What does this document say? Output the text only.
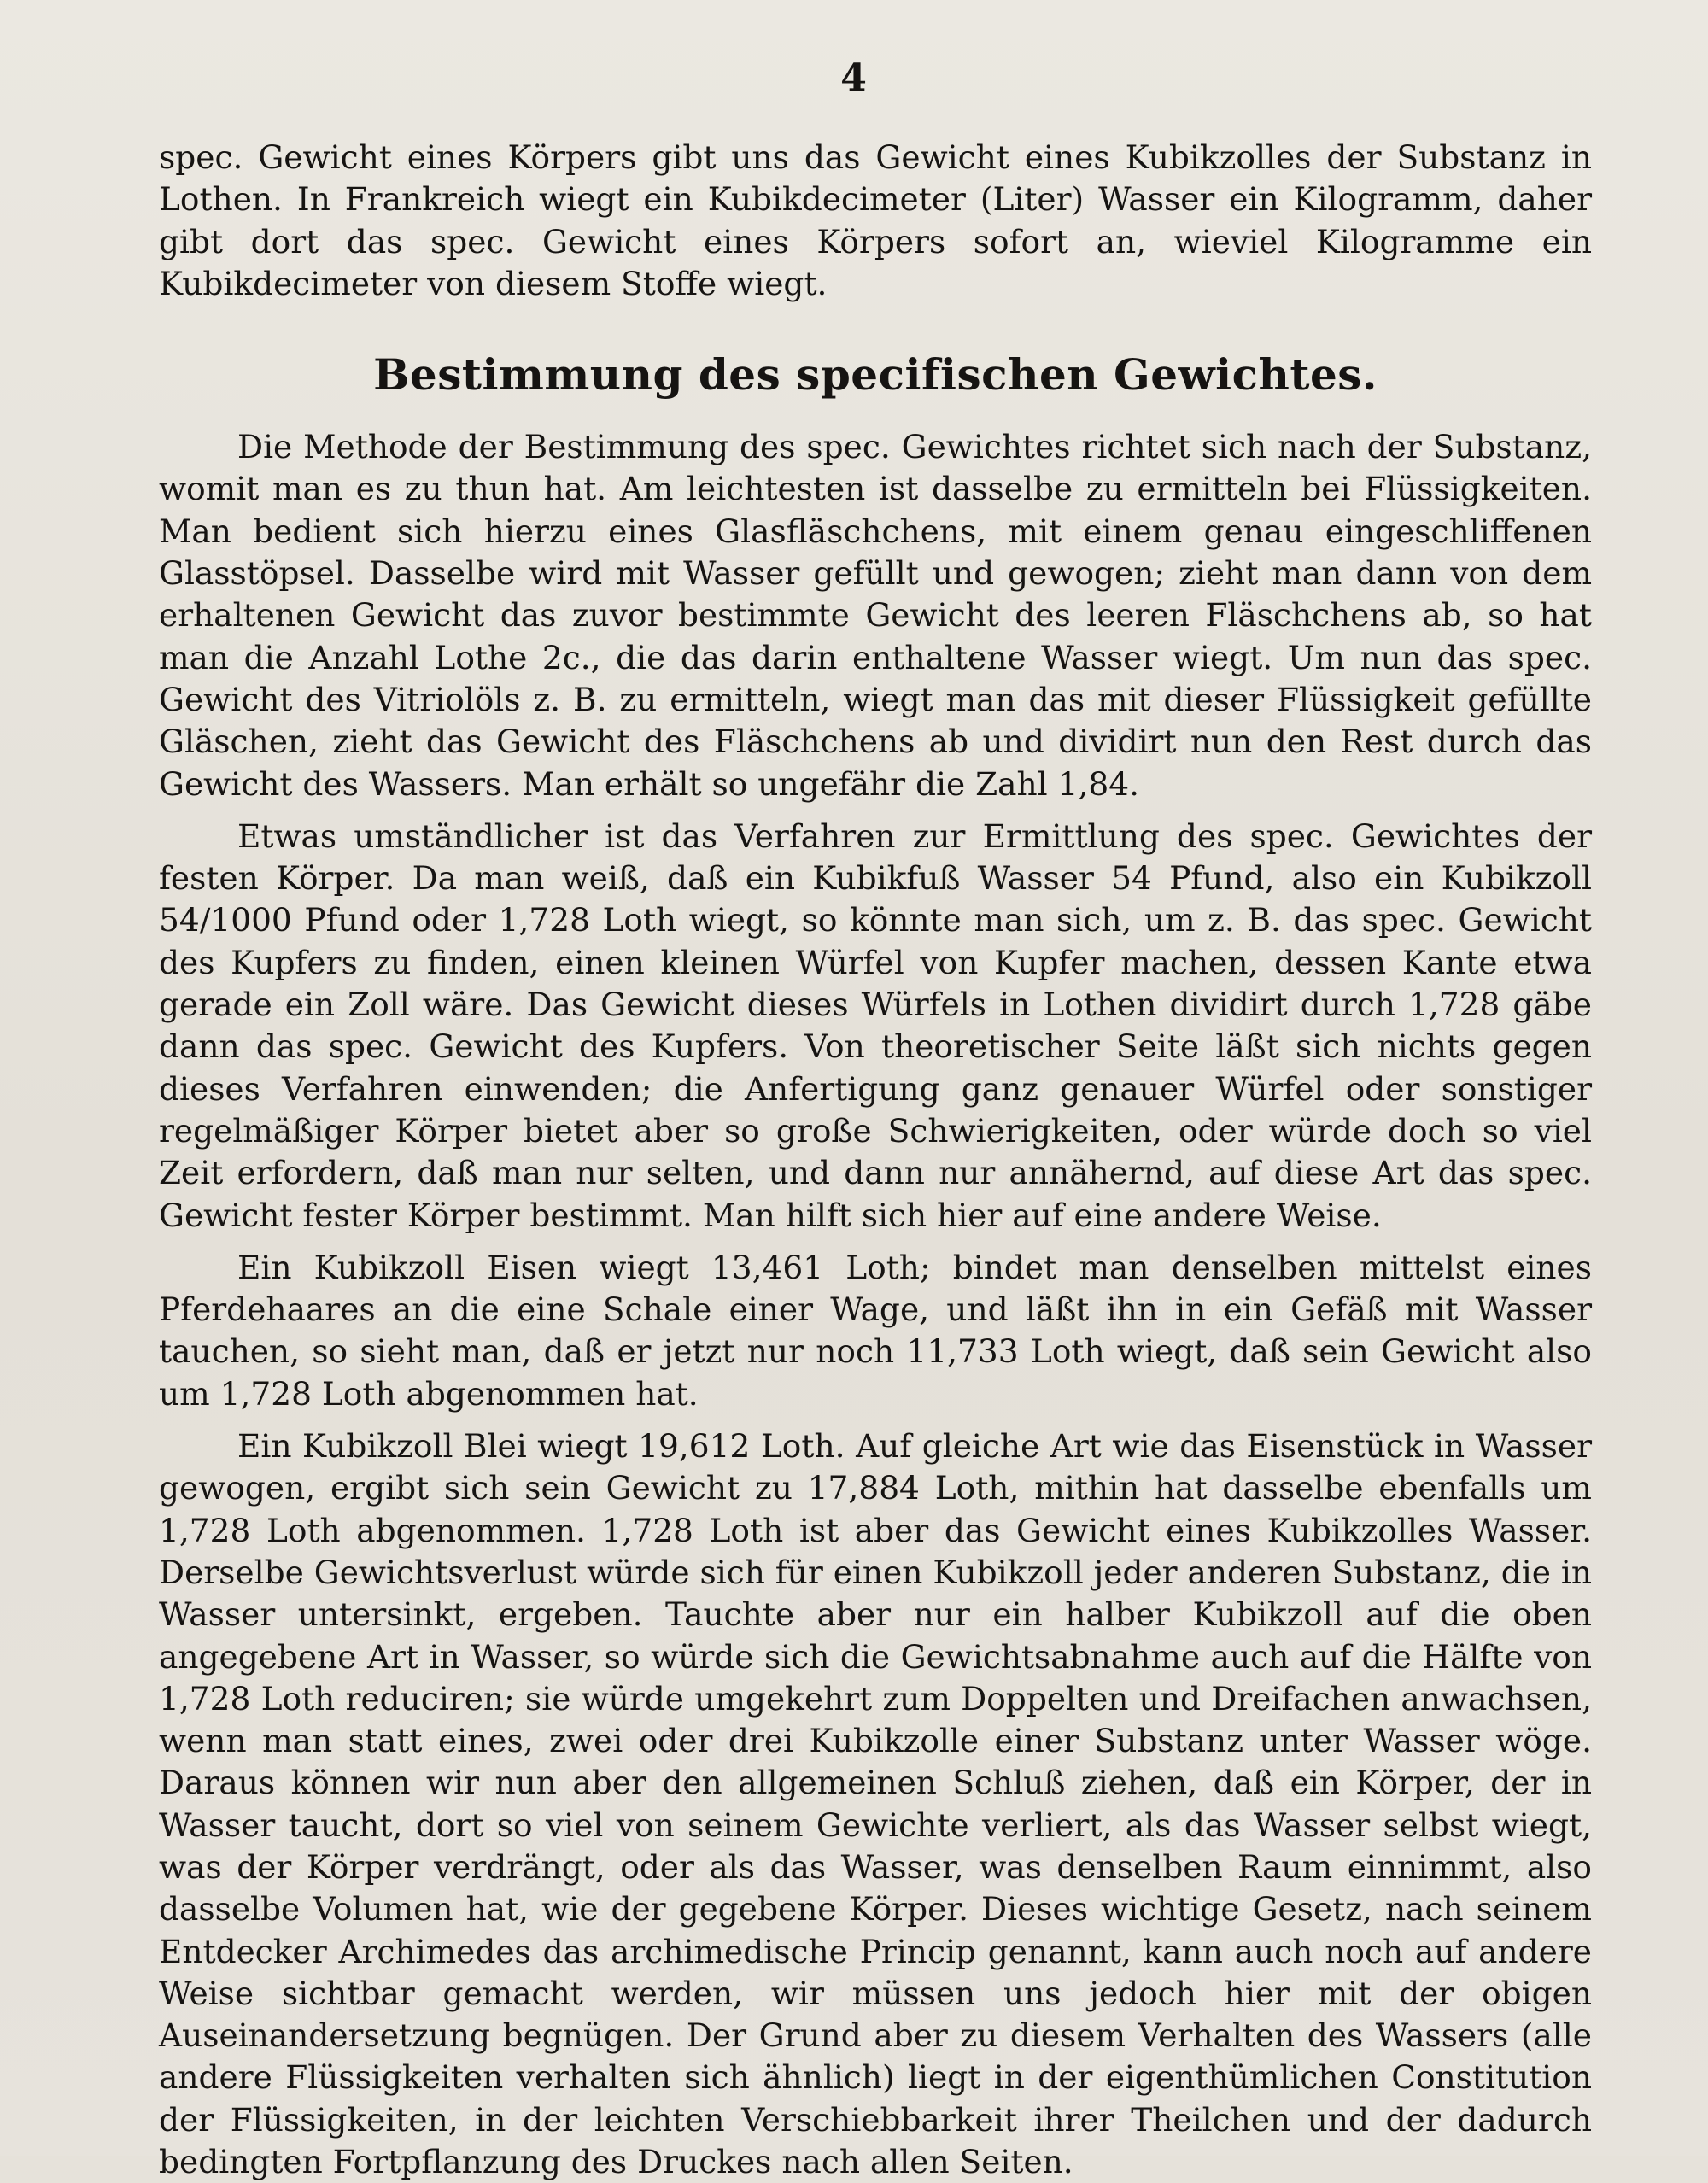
4

spec. Gewicht eines Körpers gibt uns das Gewicht eines Kubikzolles der Substanz in Lothen. In Frankreich wiegt ein Kubikdecimeter (Liter) Wasser ein Kilogramm, daher gibt dort das spec. Gewicht eines Körpers sofort an, wieviel Kilogramme ein Kubikdecimeter von diesem Stoffe wiegt.

Bestimmung des specifischen Gewichtes.

Die Methode der Bestimmung des spec. Gewichtes richtet sich nach der Substanz, womit man es zu thun hat. Am leichtesten ist dasselbe zu ermitteln bei Flüssigkeiten. Man bedient sich hierzu eines Glasfläschchens, mit einem genau eingeschliffenen Glasstöpsel. Dasselbe wird mit Wasser gefüllt und gewogen; zieht man dann von dem erhaltenen Gewicht das zuvor bestimmte Gewicht des leeren Fläschchens ab, so hat man die Anzahl Lothe 2c., die das darin enthaltene Wasser wiegt. Um nun das spec. Gewicht des Vitriolöls z. B. zu ermitteln, wiegt man das mit dieser Flüssigkeit gefüllte Gläschen, zieht das Gewicht des Fläschchens ab und dividirt nun den Rest durch das Gewicht des Wassers. Man erhält so ungefähr die Zahl 1,84.

Etwas umständlicher ist das Verfahren zur Ermittlung des spec. Gewichtes der festen Körper. Da man weiß, daß ein Kubikfuß Wasser 54 Pfund, also ein Kubikzoll 54/1000 Pfund oder 1,728 Loth wiegt, so könnte man sich, um z. B. das spec. Gewicht des Kupfers zu finden, einen kleinen Würfel von Kupfer machen, dessen Kante etwa gerade ein Zoll wäre. Das Gewicht dieses Würfels in Lothen dividirt durch 1,728 gäbe dann das spec. Gewicht des Kupfers. Von theoretischer Seite läßt sich nichts gegen dieses Verfahren einwenden; die Anfertigung ganz genauer Würfel oder sonstiger regelmäßiger Körper bietet aber so große Schwierigkeiten, oder würde doch so viel Zeit erfordern, daß man nur selten, und dann nur annähernd, auf diese Art das spec. Gewicht fester Körper bestimmt. Man hilft sich hier auf eine andere Weise.

Ein Kubikzoll Eisen wiegt 13,461 Loth; bindet man denselben mittelst eines Pferdehaares an die eine Schale einer Wage, und läßt ihn in ein Gefäß mit Wasser tauchen, so sieht man, daß er jetzt nur noch 11,733 Loth wiegt, daß sein Gewicht also um 1,728 Loth abgenommen hat.

Ein Kubikzoll Blei wiegt 19,612 Loth. Auf gleiche Art wie das Eisenstück in Wasser gewogen, ergibt sich sein Gewicht zu 17,884 Loth, mithin hat dasselbe ebenfalls um 1,728 Loth abgenommen. 1,728 Loth ist aber das Gewicht eines Kubikzolles Wasser. Derselbe Gewichtsverlust würde sich für einen Kubikzoll jeder anderen Substanz, die in Wasser untersinkt, ergeben. Tauchte aber nur ein halber Kubikzoll auf die oben angegebene Art in Wasser, so würde sich die Gewichtsabnahme auch auf die Hälfte von 1,728 Loth reduciren; sie würde umgekehrt zum Doppelten und Dreifachen anwachsen, wenn man statt eines, zwei oder drei Kubikzolle einer Substanz unter Wasser wöge. Daraus können wir nun aber den allgemeinen Schluß ziehen, daß ein Körper, der in Wasser taucht, dort so viel von seinem Gewichte verliert, als das Wasser selbst wiegt, was der Körper verdrängt, oder als das Wasser, was denselben Raum einnimmt, also dasselbe Volumen hat, wie der gegebene Körper. Dieses wichtige Gesetz, nach seinem Entdecker Archimedes das archimedische Princip genannt, kann auch noch auf andere Weise sichtbar gemacht werden, wir müssen uns jedoch hier mit der obigen Auseinandersetzung begnügen. Der Grund aber zu diesem Verhalten des Wassers (alle andere Flüssigkeiten verhalten sich ähnlich) liegt in der eigenthümlichen Constitution der Flüssigkeiten, in der leichten Verschiebbarkeit ihrer Theilchen und der dadurch bedingten Fortpflanzung des Druckes nach allen Seiten.
